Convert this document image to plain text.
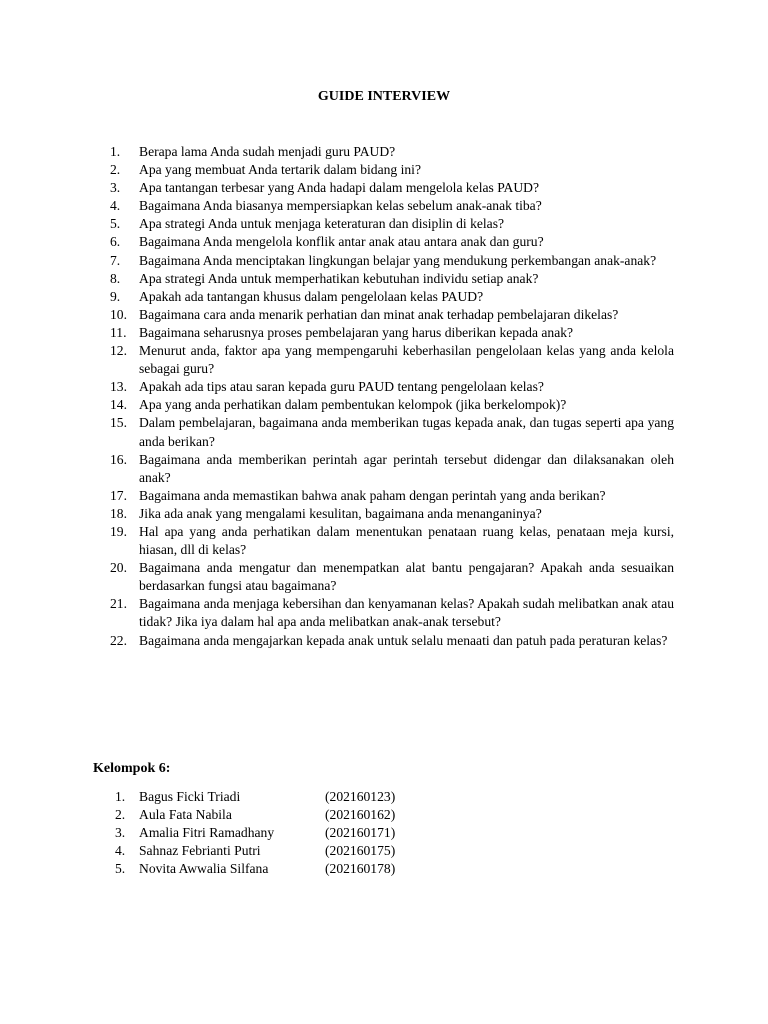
GUIDE INTERVIEW
1.	Berapa lama Anda sudah menjadi guru PAUD?
2.	Apa yang membuat Anda tertarik dalam bidang ini?
3.	Apa tantangan terbesar yang Anda hadapi dalam mengelola kelas PAUD?
4.	Bagaimana Anda biasanya mempersiapkan kelas sebelum anak-anak tiba?
5.	Apa strategi Anda untuk menjaga keteraturan dan disiplin di kelas?
6.	Bagaimana Anda mengelola konflik antar anak atau antara anak dan guru?
7.	Bagaimana Anda menciptakan lingkungan belajar yang mendukung perkembangan anak-anak?
8.	Apa strategi Anda untuk memperhatikan kebutuhan individu setiap anak?
9.	Apakah ada tantangan khusus dalam pengelolaan kelas PAUD?
10. Bagaimana cara anda menarik perhatian dan minat anak terhadap pembelajaran dikelas?
11. Bagaimana seharusnya proses pembelajaran yang harus diberikan kepada anak?
12. Menurut anda, faktor apa yang mempengaruhi keberhasilan pengelolaan kelas yang anda kelola sebagai guru?
13. Apakah ada tips atau saran kepada guru PAUD tentang pengelolaan kelas?
14. Apa yang anda perhatikan dalam pembentukan kelompok (jika berkelompok)?
15. Dalam pembelajaran, bagaimana anda memberikan tugas kepada anak, dan tugas seperti apa yang anda berikan?
16. Bagaimana anda memberikan perintah agar perintah tersebut didengar dan dilaksanakan oleh anak?
17. Bagaimana anda memastikan bahwa anak paham dengan perintah yang anda berikan?
18. Jika ada anak yang mengalami kesulitan, bagaimana anda menanganinya?
19. Hal apa yang anda perhatikan dalam menentukan penataan ruang kelas, penataan meja kursi, hiasan, dll di kelas?
20. Bagaimana anda mengatur dan menempatkan alat bantu pengajaran? Apakah anda sesuaikan berdasarkan fungsi atau bagaimana?
21. Bagaimana anda menjaga kebersihan dan kenyamanan kelas? Apakah sudah melibatkan anak atau tidak? Jika iya dalam hal apa anda melibatkan anak-anak tersebut?
22. Bagaimana anda mengajarkan kepada anak untuk selalu menaati dan patuh pada peraturan kelas?
Kelompok 6:
1.	Bagus Ficki Triadi	(202160123)
2.	Aula Fata Nabila	(202160162)
3.	Amalia Fitri Ramadhany	(202160171)
4.	Sahnaz Febrianti Putri	(202160175)
5.	Novita Awwalia Silfana	(202160178)
